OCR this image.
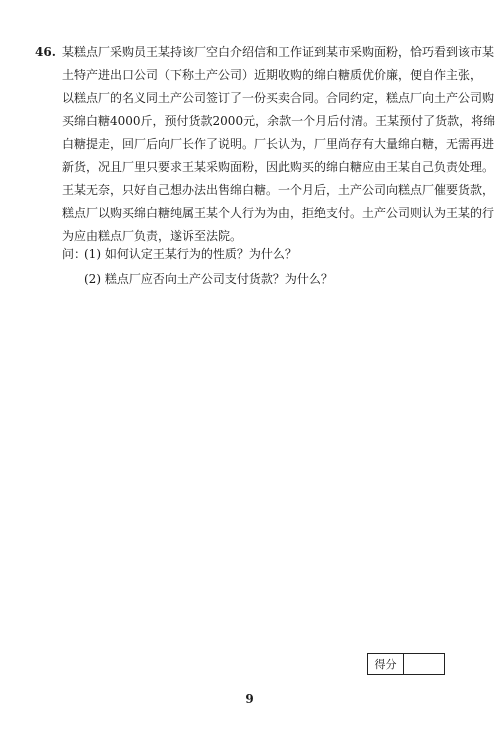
46. 某糕点厂采购员王某持该厂空白介绍信和工作证到某市采购面粉，恰巧看到该市某
土特产进出口公司（下称土产公司）近期收购的绵白糖质优价廉，便自作主张，
以糕点厂的名义同土产公司签订了一份买卖合同。合同约定，糕点厂向土产公司购
买绵白糖4000斤，预付货款2000元，余款一个月后付清。王某预付了货款，将绵
白糖提走，回厂后向厂长作了说明。厂长认为，厂里尚存有大量绵白糖，无需再进
新货，况且厂里只要求王某采购面粉，因此购买的绵白糖应由王某自己负责处理。
王某无奈，只好自己想办法出售绵白糖。一个月后，土产公司向糕点厂催要货款，
糕点厂以购买绵白糖纯属王某个人行为为由，拒绝支付。土产公司则认为王某的行
为应由糕点厂负责，遂诉至法院。
问：(1) 如何认定王某行为的性质？为什么？
(2) 糕点厂应否向土产公司支付货款？为什么？
得分
9
